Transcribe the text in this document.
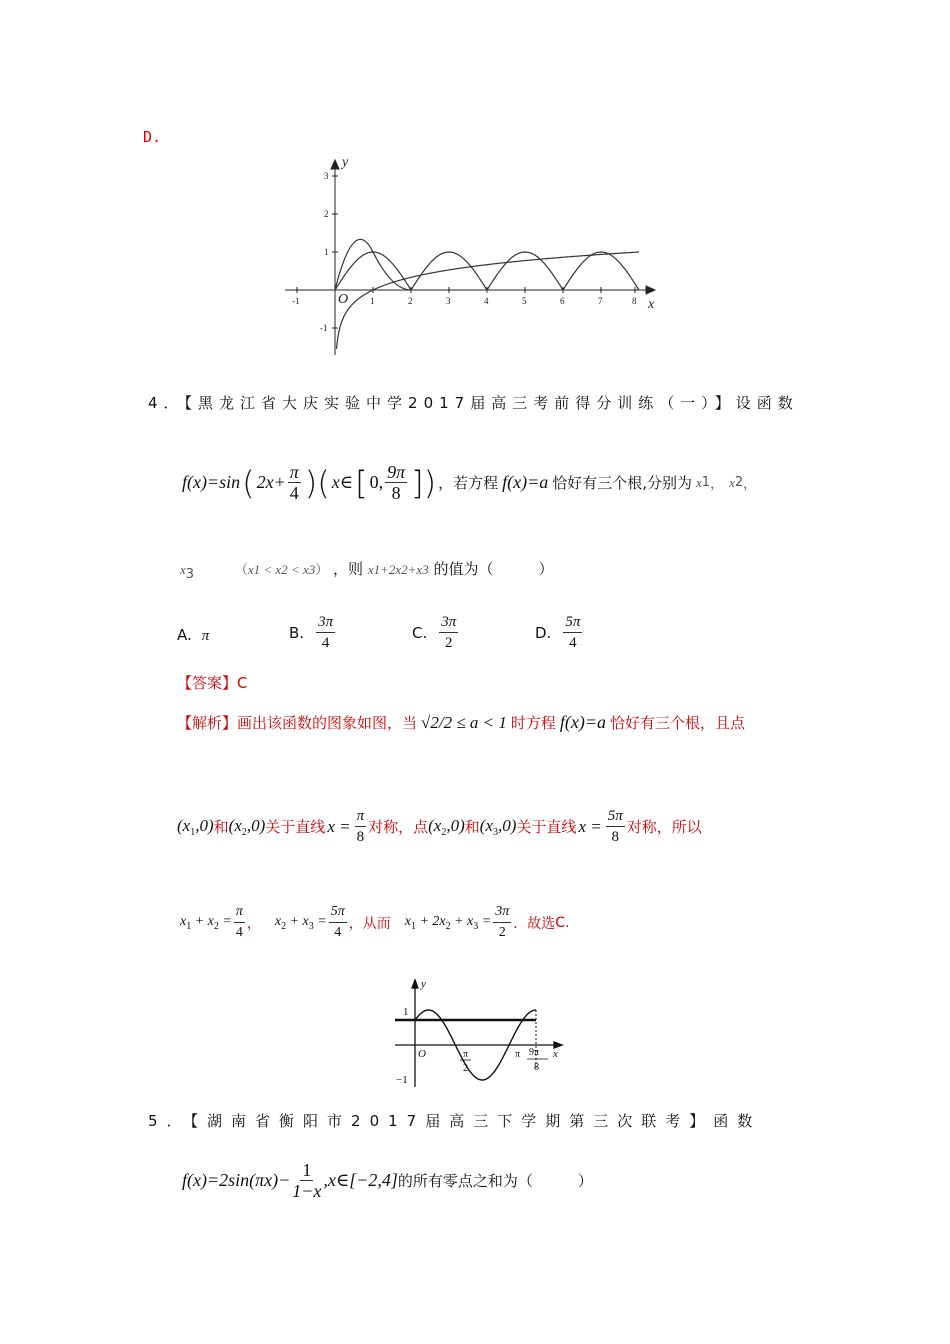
D.
-1	1	2	3	4	5	6	7	8
3
2
1
-1
x
y
O
4．【黑龙江省大庆实验中学2017届高三考前得分训练（一）】设函数
f(x)=sin ( $2x+ \frac{\pi}{4}$ )( x∈ [ 0, $\frac{9\pi}{8}$ ]) ，若方程 f(x)=a 恰好有三个根,分别为 x 1 ， x 2 ，
x3	（x1 < x2 < x3） ，则 x1+2x2+x3 的值为（　　　）
A. π	B. $\frac{3\pi}{4}$	C. $\frac{3\pi}{2}$	D. $\frac{5\pi}{4}$
【答案】C
【解析】 画出该函数的图象如图，当 √2/2 ≤ a < 1 时方程 f(x)=a 恰好有三个根，且点
$(x_1,0)$ 和 $(x_2,0)$ 关于直线 $x = \frac{\pi}{8}$ 对称，点 $(x_2,0)$ 和 $(x_3,0)$ 关于直线 $x = \frac{5\pi}{8}$ 对称，所以
$x_1 + x_2 = \frac{\pi}{4}$ ， $x_2 + x_3 = \frac{5\pi}{4}$ ，从而 $x_1 + 2x_2 + x_3 = \frac{3\pi}{2}$ ．故选 C.
y
x
O
1
−1
π
2
π 9π
8
5．【湖南省衡阳市2017届高三下学期第三次联考】函数
$f(x)=2\sin(\pi x)- \frac{1}{1-x}$ ,x∈[−2,4] 的所有零点之和为（　　　）
